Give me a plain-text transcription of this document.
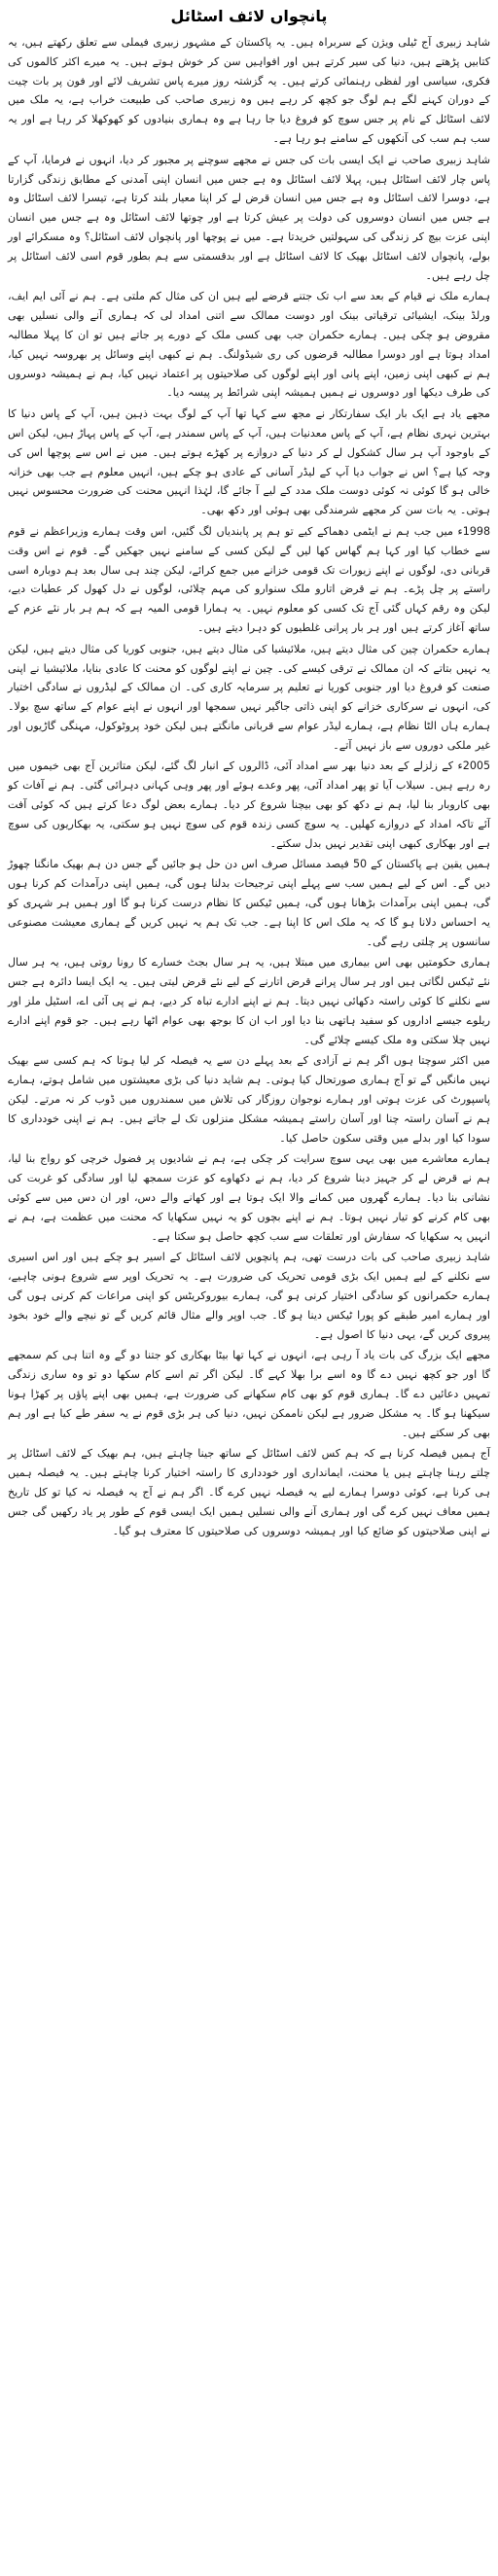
پانچواں لائف اسٹائل

شاہد زبیری آج ٹیلی ویژن کے سربراہ ہیں۔ یہ پاکستان کے مشہور زبیری فیملی سے تعلق رکھتے ہیں، یہ کتابیں پڑھتے ہیں، دنیا کی سیر کرتے ہیں اور افواہیں سن کر خوش ہوتے ہیں۔ یہ میرے اکثر کالموں کی فکری، سیاسی اور لفظی رہنمائی کرتے ہیں۔ یہ گزشتہ روز میرے پاس تشریف لائے اور فون پر بات چیت کے دوران کہنے لگے ہم لوگ جو کچھ کر رہے ہیں وہ زبیری صاحب کی طبیعت خراب ہے، یہ ملک میں لائف اسٹائل کے نام پر جس سوچ کو فروغ دیا جا رہا ہے وہ ہماری بنیادوں کو کھوکھلا کر رہا ہے اور یہ سب ہم سب کی آنکھوں کے سامنے ہو رہا ہے۔

شاہد زبیری صاحب نے ایک ایسی بات کی جس نے مجھے سوچنے پر مجبور کر دیا، انہوں نے فرمایا، آپ کے پاس چار لائف اسٹائل ہیں، پہلا لائف اسٹائل وہ ہے جس میں انسان اپنی آمدنی کے مطابق زندگی گزارتا ہے، دوسرا لائف اسٹائل وہ ہے جس میں انسان قرض لے کر اپنا معیار بلند کرتا ہے، تیسرا لائف اسٹائل وہ ہے جس میں انسان دوسروں کی دولت پر عیش کرتا ہے اور چوتھا لائف اسٹائل وہ ہے جس میں انسان اپنی عزت بیچ کر زندگی کی سہولتیں خریدتا ہے۔ میں نے پوچھا اور پانچواں لائف اسٹائل؟ وہ مسکرائے اور بولے، پانچواں لائف اسٹائل بھیک کا لائف اسٹائل ہے اور بدقسمتی سے ہم بطور قوم اسی لائف اسٹائل پر چل رہے ہیں۔

ہمارے ملک نے قیام کے بعد سے اب تک جتنے قرضے لیے ہیں ان کی مثال کم ملتی ہے۔ ہم نے آئی ایم ایف، ورلڈ بینک، ایشیائی ترقیاتی بینک اور دوست ممالک سے اتنی امداد لی کہ ہماری آنے والی نسلیں بھی مقروض ہو چکی ہیں۔ ہمارے حکمران جب بھی کسی ملک کے دورے پر جاتے ہیں تو ان کا پہلا مطالبہ امداد ہوتا ہے اور دوسرا مطالبہ قرضوں کی ری شیڈولنگ۔ ہم نے کبھی اپنے وسائل پر بھروسہ نہیں کیا، ہم نے کبھی اپنی زمین، اپنے پانی اور اپنے لوگوں کی صلاحیتوں پر اعتماد نہیں کیا، ہم نے ہمیشہ دوسروں کی طرف دیکھا اور دوسروں نے ہمیں ہمیشہ اپنی شرائط پر پیسہ دیا۔

مجھے یاد ہے ایک بار ایک سفارتکار نے مجھ سے کہا تھا آپ کے لوگ بہت ذہین ہیں، آپ کے پاس دنیا کا بہترین نہری نظام ہے، آپ کے پاس معدنیات ہیں، آپ کے پاس سمندر ہے، آپ کے پاس پہاڑ ہیں، لیکن اس کے باوجود آپ ہر سال کشکول لے کر دنیا کے دروازے پر کھڑے ہوتے ہیں۔ میں نے اس سے پوچھا اس کی وجہ کیا ہے؟ اس نے جواب دیا آپ کے لیڈر آسانی کے عادی ہو چکے ہیں، انہیں معلوم ہے جب بھی خزانہ خالی ہو گا کوئی نہ کوئی دوست ملک مدد کے لیے آ جائے گا، لہٰذا انہیں محنت کی ضرورت محسوس نہیں ہوتی۔ یہ بات سن کر مجھے شرمندگی بھی ہوئی اور دکھ بھی۔

1998ء میں جب ہم نے ایٹمی دھماکے کیے تو ہم پر پابندیاں لگ گئیں، اس وقت ہمارے وزیراعظم نے قوم سے خطاب کیا اور کہا ہم گھاس کھا لیں گے لیکن کسی کے سامنے نہیں جھکیں گے۔ قوم نے اس وقت قربانی دی، لوگوں نے اپنے زیورات تک قومی خزانے میں جمع کرائے، لیکن چند ہی سال بعد ہم دوبارہ اسی راستے پر چل پڑے۔ ہم نے قرض اتارو ملک سنوارو کی مہم چلائی، لوگوں نے دل کھول کر عطیات دیے، لیکن وہ رقم کہاں گئی آج تک کسی کو معلوم نہیں۔ یہ ہمارا قومی المیہ ہے کہ ہم ہر بار نئے عزم کے ساتھ آغاز کرتے ہیں اور ہر بار پرانی غلطیوں کو دہرا دیتے ہیں۔

ہمارے حکمران چین کی مثال دیتے ہیں، ملائیشیا کی مثال دیتے ہیں، جنوبی کوریا کی مثال دیتے ہیں، لیکن یہ نہیں بتاتے کہ ان ممالک نے ترقی کیسے کی۔ چین نے اپنے لوگوں کو محنت کا عادی بنایا، ملائیشیا نے اپنی صنعت کو فروغ دیا اور جنوبی کوریا نے تعلیم پر سرمایہ کاری کی۔ ان ممالک کے لیڈروں نے سادگی اختیار کی، انہوں نے سرکاری خزانے کو اپنی ذاتی جاگیر نہیں سمجھا اور انہوں نے اپنے عوام کے ساتھ سچ بولا۔ ہمارے ہاں الٹا نظام ہے، ہمارے لیڈر عوام سے قربانی مانگتے ہیں لیکن خود پروٹوکول، مہنگی گاڑیوں اور غیر ملکی دوروں سے باز نہیں آتے۔

2005ء کے زلزلے کے بعد دنیا بھر سے امداد آئی، ڈالروں کے انبار لگ گئے، لیکن متاثرین آج بھی خیموں میں رہ رہے ہیں۔ سیلاب آیا تو پھر امداد آئی، پھر وعدے ہوئے اور پھر وہی کہانی دہرائی گئی۔ ہم نے آفات کو بھی کاروبار بنا لیا، ہم نے دکھ کو بھی بیچنا شروع کر دیا۔ ہمارے بعض لوگ دعا کرتے ہیں کہ کوئی آفت آئے تاکہ امداد کے دروازے کھلیں۔ یہ سوچ کسی زندہ قوم کی سوچ نہیں ہو سکتی، یہ بھکاریوں کی سوچ ہے اور بھکاری کبھی اپنی تقدیر نہیں بدل سکتے۔

ہمیں یقین ہے پاکستان کے 50 فیصد مسائل صرف اس دن حل ہو جائیں گے جس دن ہم بھیک مانگنا چھوڑ دیں گے۔ اس کے لیے ہمیں سب سے پہلے اپنی ترجیحات بدلنا ہوں گی، ہمیں اپنی درآمدات کم کرنا ہوں گی، ہمیں اپنی برآمدات بڑھانا ہوں گی، ہمیں ٹیکس کا نظام درست کرنا ہو گا اور ہمیں ہر شہری کو یہ احساس دلانا ہو گا کہ یہ ملک اس کا اپنا ہے۔ جب تک ہم یہ نہیں کریں گے ہماری معیشت مصنوعی سانسوں پر چلتی رہے گی۔

ہماری حکومتیں بھی اس بیماری میں مبتلا ہیں، یہ ہر سال بجٹ خسارے کا رونا روتی ہیں، یہ ہر سال نئے ٹیکس لگاتی ہیں اور ہر سال پرانے قرض اتارنے کے لیے نئے قرض لیتی ہیں۔ یہ ایک ایسا دائرہ ہے جس سے نکلنے کا کوئی راستہ دکھائی نہیں دیتا۔ ہم نے اپنے ادارے تباہ کر دیے، ہم نے پی آئی اے، اسٹیل ملز اور ریلوے جیسے اداروں کو سفید ہاتھی بنا دیا اور اب ان کا بوجھ بھی عوام اٹھا رہے ہیں۔ جو قوم اپنے ادارے نہیں چلا سکتی وہ ملک کیسے چلائے گی۔

میں اکثر سوچتا ہوں اگر ہم نے آزادی کے بعد پہلے دن سے یہ فیصلہ کر لیا ہوتا کہ ہم کسی سے بھیک نہیں مانگیں گے تو آج ہماری صورتحال کیا ہوتی۔ ہم شاید دنیا کی بڑی معیشتوں میں شامل ہوتے، ہمارے پاسپورٹ کی عزت ہوتی اور ہمارے نوجوان روزگار کی تلاش میں سمندروں میں ڈوب کر نہ مرتے۔ لیکن ہم نے آسان راستہ چنا اور آسان راستے ہمیشہ مشکل منزلوں تک لے جاتے ہیں۔ ہم نے اپنی خودداری کا سودا کیا اور بدلے میں وقتی سکون حاصل کیا۔

ہمارے معاشرے میں بھی یہی سوچ سرایت کر چکی ہے، ہم نے شادیوں پر فضول خرچی کو رواج بنا لیا، ہم نے قرض لے کر جہیز دینا شروع کر دیا، ہم نے دکھاوے کو عزت سمجھ لیا اور سادگی کو غربت کی نشانی بنا دیا۔ ہمارے گھروں میں کمانے والا ایک ہوتا ہے اور کھانے والے دس، اور ان دس میں سے کوئی بھی کام کرنے کو تیار نہیں ہوتا۔ ہم نے اپنے بچوں کو یہ نہیں سکھایا کہ محنت میں عظمت ہے، ہم نے انہیں یہ سکھایا کہ سفارش اور تعلقات سے سب کچھ حاصل ہو سکتا ہے۔

شاہد زبیری صاحب کی بات درست تھی، ہم پانچویں لائف اسٹائل کے اسیر ہو چکے ہیں اور اس اسیری سے نکلنے کے لیے ہمیں ایک بڑی قومی تحریک کی ضرورت ہے۔ یہ تحریک اوپر سے شروع ہونی چاہیے، ہمارے حکمرانوں کو سادگی اختیار کرنی ہو گی، ہمارے بیوروکریٹس کو اپنی مراعات کم کرنی ہوں گی اور ہمارے امیر طبقے کو پورا ٹیکس دینا ہو گا۔ جب اوپر والے مثال قائم کریں گے تو نیچے والے خود بخود پیروی کریں گے، یہی دنیا کا اصول ہے۔

مجھے ایک بزرگ کی بات یاد آ رہی ہے، انہوں نے کہا تھا بیٹا بھکاری کو جتنا دو گے وہ اتنا ہی کم سمجھے گا اور جو کچھ نہیں دے گا وہ اسے برا بھلا کہے گا۔ لیکن اگر تم اسے کام سکھا دو تو وہ ساری زندگی تمہیں دعائیں دے گا۔ ہماری قوم کو بھی کام سکھانے کی ضرورت ہے، ہمیں بھی اپنے پاؤں پر کھڑا ہونا سیکھنا ہو گا۔ یہ مشکل ضرور ہے لیکن ناممکن نہیں، دنیا کی ہر بڑی قوم نے یہ سفر طے کیا ہے اور ہم بھی کر سکتے ہیں۔

آج ہمیں فیصلہ کرنا ہے کہ ہم کس لائف اسٹائل کے ساتھ جینا چاہتے ہیں، ہم بھیک کے لائف اسٹائل پر چلتے رہنا چاہتے ہیں یا محنت، ایمانداری اور خودداری کا راستہ اختیار کرنا چاہتے ہیں۔ یہ فیصلہ ہمیں ہی کرنا ہے، کوئی دوسرا ہمارے لیے یہ فیصلہ نہیں کرے گا۔ اگر ہم نے آج یہ فیصلہ نہ کیا تو کل تاریخ ہمیں معاف نہیں کرے گی اور ہماری آنے والی نسلیں ہمیں ایک ایسی قوم کے طور پر یاد رکھیں گی جس نے اپنی صلاحیتوں کو ضائع کیا اور ہمیشہ دوسروں کی صلاحیتوں کا معترف ہو گیا۔
